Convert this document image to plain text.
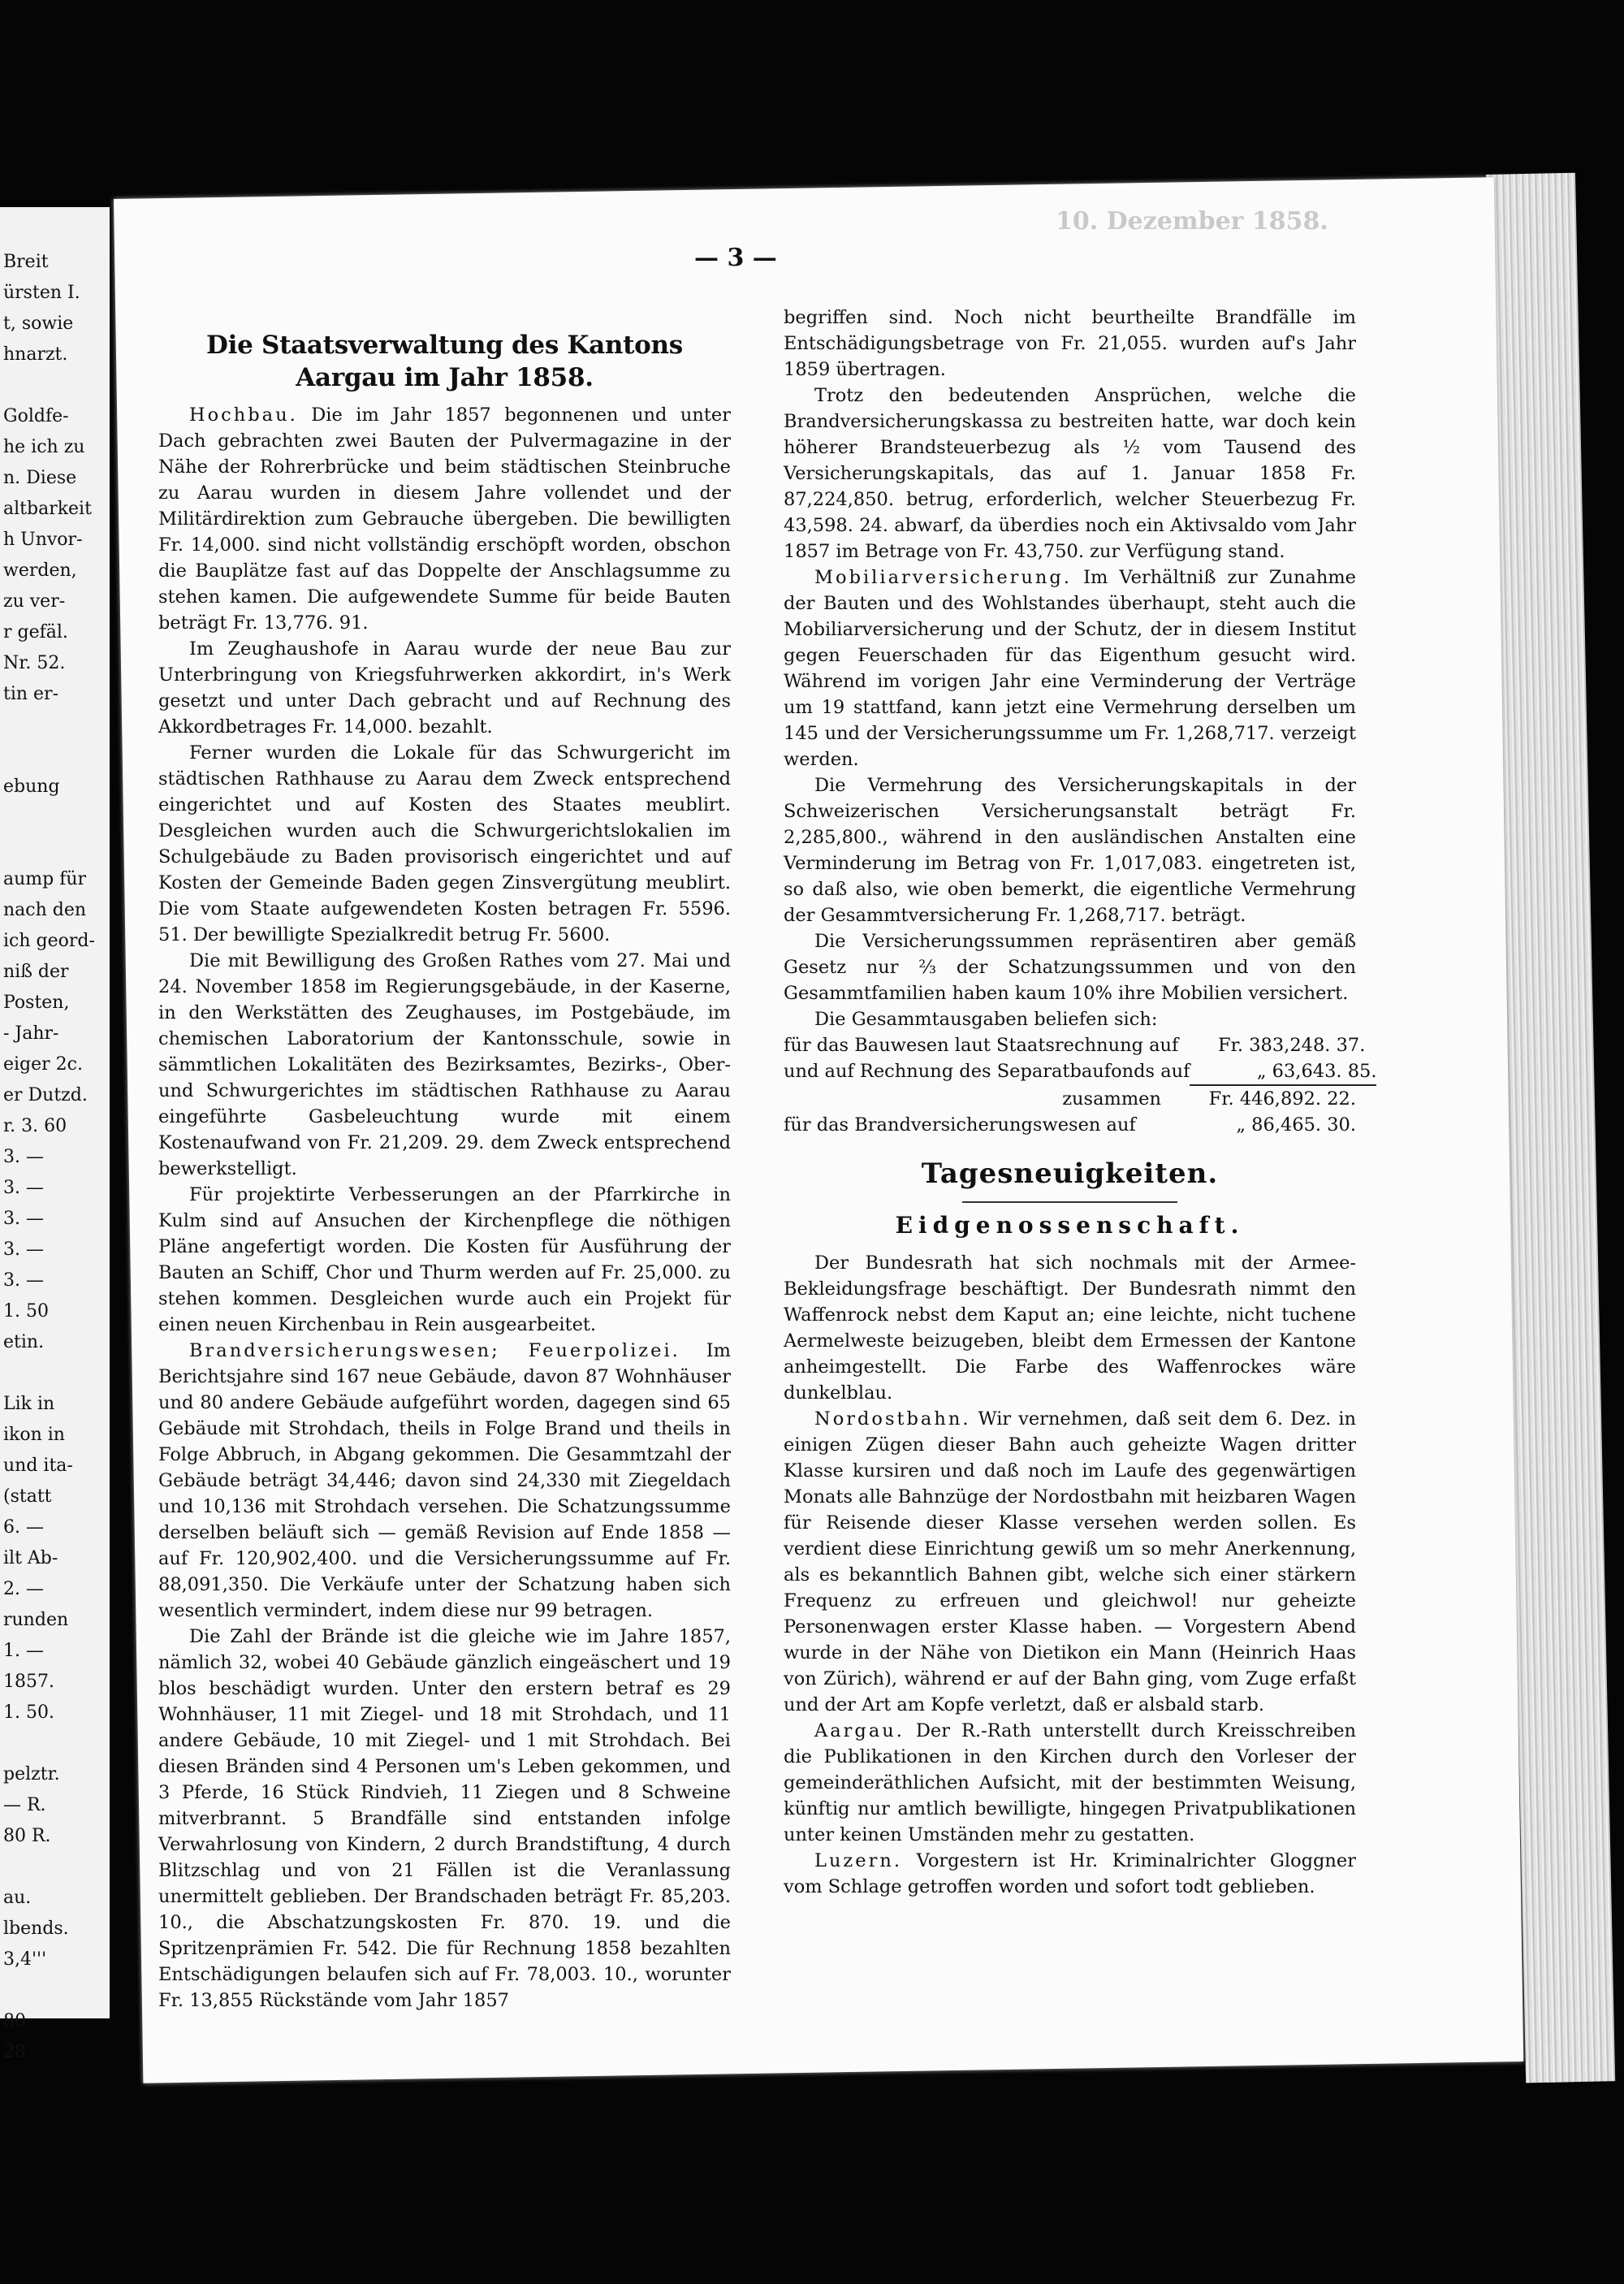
Breit
ürsten I.
t, sowie
hnarzt.
Goldfe-
he ich zu
n. Diese
altbarkeit
h Unvor-
werden,
zu ver-
r gefäl.
Nr. 52.
tin er-
ebung
aump für
nach den
ich geord-
niß der
Posten,
- Jahr-
eiger 2c.
er Dutzd.
r. 3. 60
3. —
3. —
3. —
3. —
3. —
1. 50
etin.
Lik in
ikon in
und ita-
(statt
6. —
ilt Ab-
2. —
runden
1. —
1857.
1. 50.
pelztr.
— R.
80 R.
au.
lbends.
3,4'''
80
28
10. Dezember 1858.
— 3 —
Die Staatsverwaltung des Kantons Aargau im Jahr 1858.

Hochbau. Die im Jahr 1857 begonnenen und unter Dach gebrachten zwei Bauten der Pulvermagazine in der Nähe der Rohrerbrücke und beim städtischen Steinbruche zu Aarau wurden in diesem Jahre vollendet und der Militärdirektion zum Gebrauche übergeben. Die bewilligten Fr. 14,000. sind nicht vollständig erschöpft worden, obschon die Bauplätze fast auf das Doppelte der Anschlagsumme zu stehen kamen. Die aufgewendete Summe für beide Bauten beträgt Fr. 13,776. 91.

Im Zeughaushofe in Aarau wurde der neue Bau zur Unterbringung von Kriegsfuhrwerken akkordirt, in's Werk gesetzt und unter Dach gebracht und auf Rechnung des Akkordbetrages Fr. 14,000. bezahlt.

Ferner wurden die Lokale für das Schwurgericht im städtischen Rathhause zu Aarau dem Zweck entsprechend eingerichtet und auf Kosten des Staates meublirt. Desgleichen wurden auch die Schwurgerichtslokalien im Schulgebäude zu Baden provisorisch eingerichtet und auf Kosten der Gemeinde Baden gegen Zinsvergütung meublirt. Die vom Staate aufgewendeten Kosten betragen Fr. 5596. 51. Der bewilligte Spezialkredit betrug Fr. 5600.

Die mit Bewilligung des Großen Rathes vom 27. Mai und 24. November 1858 im Regierungsgebäude, in der Kaserne, in den Werkstätten des Zeughauses, im Postgebäude, im chemischen Laboratorium der Kantonsschule, sowie in sämmtlichen Lokalitäten des Bezirksamtes, Bezirks-, Ober- und Schwurgerichtes im städtischen Rathhause zu Aarau eingeführte Gasbeleuchtung wurde mit einem Kostenaufwand von Fr. 21,209. 29. dem Zweck entsprechend bewerkstelligt.

Für projektirte Verbesserungen an der Pfarrkirche in Kulm sind auf Ansuchen der Kirchenpflege die nöthigen Pläne angefertigt worden. Die Kosten für Ausführung der Bauten an Schiff, Chor und Thurm werden auf Fr. 25,000. zu stehen kommen. Desgleichen wurde auch ein Projekt für einen neuen Kirchenbau in Rein ausgearbeitet.

Brandversicherungswesen; Feuerpolizei. Im Berichtsjahre sind 167 neue Gebäude, davon 87 Wohnhäuser und 80 andere Gebäude aufgeführt worden, dagegen sind 65 Gebäude mit Strohdach, theils in Folge Brand und theils in Folge Abbruch, in Abgang gekommen. Die Gesammtzahl der Gebäude beträgt 34,446; davon sind 24,330 mit Ziegeldach und 10,136 mit Strohdach versehen. Die Schatzungssumme derselben beläuft sich — gemäß Revision auf Ende 1858 — auf Fr. 120,902,400. und die Versicherungssumme auf Fr. 88,091,350. Die Verkäufe unter der Schatzung haben sich wesentlich vermindert, indem diese nur 99 betragen.

Die Zahl der Brände ist die gleiche wie im Jahre 1857, nämlich 32, wobei 40 Gebäude gänzlich eingeäschert und 19 blos beschädigt wurden. Unter den erstern betraf es 29 Wohnhäuser, 11 mit Ziegel- und 18 mit Strohdach, und 11 andere Gebäude, 10 mit Ziegel- und 1 mit Strohdach. Bei diesen Bränden sind 4 Personen um's Leben gekommen, und 3 Pferde, 16 Stück Rindvieh, 11 Ziegen und 8 Schweine mitverbrannt. 5 Brandfälle sind entstanden infolge Verwahrlosung von Kindern, 2 durch Brandstiftung, 4 durch Blitzschlag und von 21 Fällen ist die Veranlassung unermittelt geblieben. Der Brandschaden beträgt Fr. 85,203. 10., die Abschatzungskosten Fr. 870. 19. und die Spritzenprämien Fr. 542. Die für Rechnung 1858 bezahlten Entschädigungen belaufen sich auf Fr. 78,003. 10., worunter Fr. 13,855 Rückstände vom Jahr 1857

begriffen sind. Noch nicht beurtheilte Brandfälle im Entschädigungsbetrage von Fr. 21,055. wurden auf's Jahr 1859 übertragen.

Trotz den bedeutenden Ansprüchen, welche die Brandversicherungskassa zu bestreiten hatte, war doch kein höherer Brandsteuerbezug als ½ vom Tausend des Versicherungskapitals, das auf 1. Januar 1858 Fr. 87,224,850. betrug, erforderlich, welcher Steuerbezug Fr. 43,598. 24. abwarf, da überdies noch ein Aktivsaldo vom Jahr 1857 im Betrage von Fr. 43,750. zur Verfügung stand.

Mobiliarversicherung. Im Verhältniß zur Zunahme der Bauten und des Wohlstandes überhaupt, steht auch die Mobiliarversicherung und der Schutz, der in diesem Institut gegen Feuerschaden für das Eigenthum gesucht wird. Während im vorigen Jahr eine Verminderung der Verträge um 19 stattfand, kann jetzt eine Vermehrung derselben um 145 und der Versicherungssumme um Fr. 1,268,717. verzeigt werden.

Die Vermehrung des Versicherungskapitals in der Schweizerischen Versicherungsanstalt beträgt Fr. 2,285,800., während in den ausländischen Anstalten eine Verminderung im Betrag von Fr. 1,017,083. eingetreten ist, so daß also, wie oben bemerkt, die eigentliche Vermehrung der Gesammtversicherung Fr. 1,268,717. beträgt.

Die Versicherungssummen repräsentiren aber gemäß Gesetz nur ⅔ der Schatzungssummen und von den Gesammtfamilien haben kaum 10% ihre Mobilien versichert.

Die Gesammtausgaben beliefen sich:

für das Bauwesen laut Staatsrechnung auf	Fr. 383,248. 37.
und auf Rechnung des Separatbaufonds auf	„ 63,643. 85.
zusammen	Fr. 446,892. 22.
für das Brandversicherungswesen auf	„ 86,465. 30.
Tagesneuigkeiten.
Eidgenossenschaft.

Der Bundesrath hat sich nochmals mit der Armee-Bekleidungsfrage beschäftigt. Der Bundesrath nimmt den Waffenrock nebst dem Kaput an; eine leichte, nicht tuchene Aermelweste beizugeben, bleibt dem Ermessen der Kantone anheimgestellt. Die Farbe des Waffenrockes wäre dunkelblau.

Nordostbahn. Wir vernehmen, daß seit dem 6. Dez. in einigen Zügen dieser Bahn auch geheizte Wagen dritter Klasse kursiren und daß noch im Laufe des gegenwärtigen Monats alle Bahnzüge der Nordostbahn mit heizbaren Wagen für Reisende dieser Klasse versehen werden sollen. Es verdient diese Einrichtung gewiß um so mehr Anerkennung, als es bekanntlich Bahnen gibt, welche sich einer stärkern Frequenz zu erfreuen und gleichwol! nur geheizte Personenwagen erster Klasse haben. — Vorgestern Abend wurde in der Nähe von Dietikon ein Mann (Heinrich Haas von Zürich), während er auf der Bahn ging, vom Zuge erfaßt und der Art am Kopfe verletzt, daß er alsbald starb.

Aargau. Der R.-Rath unterstellt durch Kreisschreiben die Publikationen in den Kirchen durch den Vorleser der gemeinderäthlichen Aufsicht, mit der bestimmten Weisung, künftig nur amtlich bewilligte, hingegen Privatpublikationen unter keinen Umständen mehr zu gestatten.

Luzern. Vorgestern ist Hr. Kriminalrichter Gloggner vom Schlage getroffen worden und sofort todt geblieben.
